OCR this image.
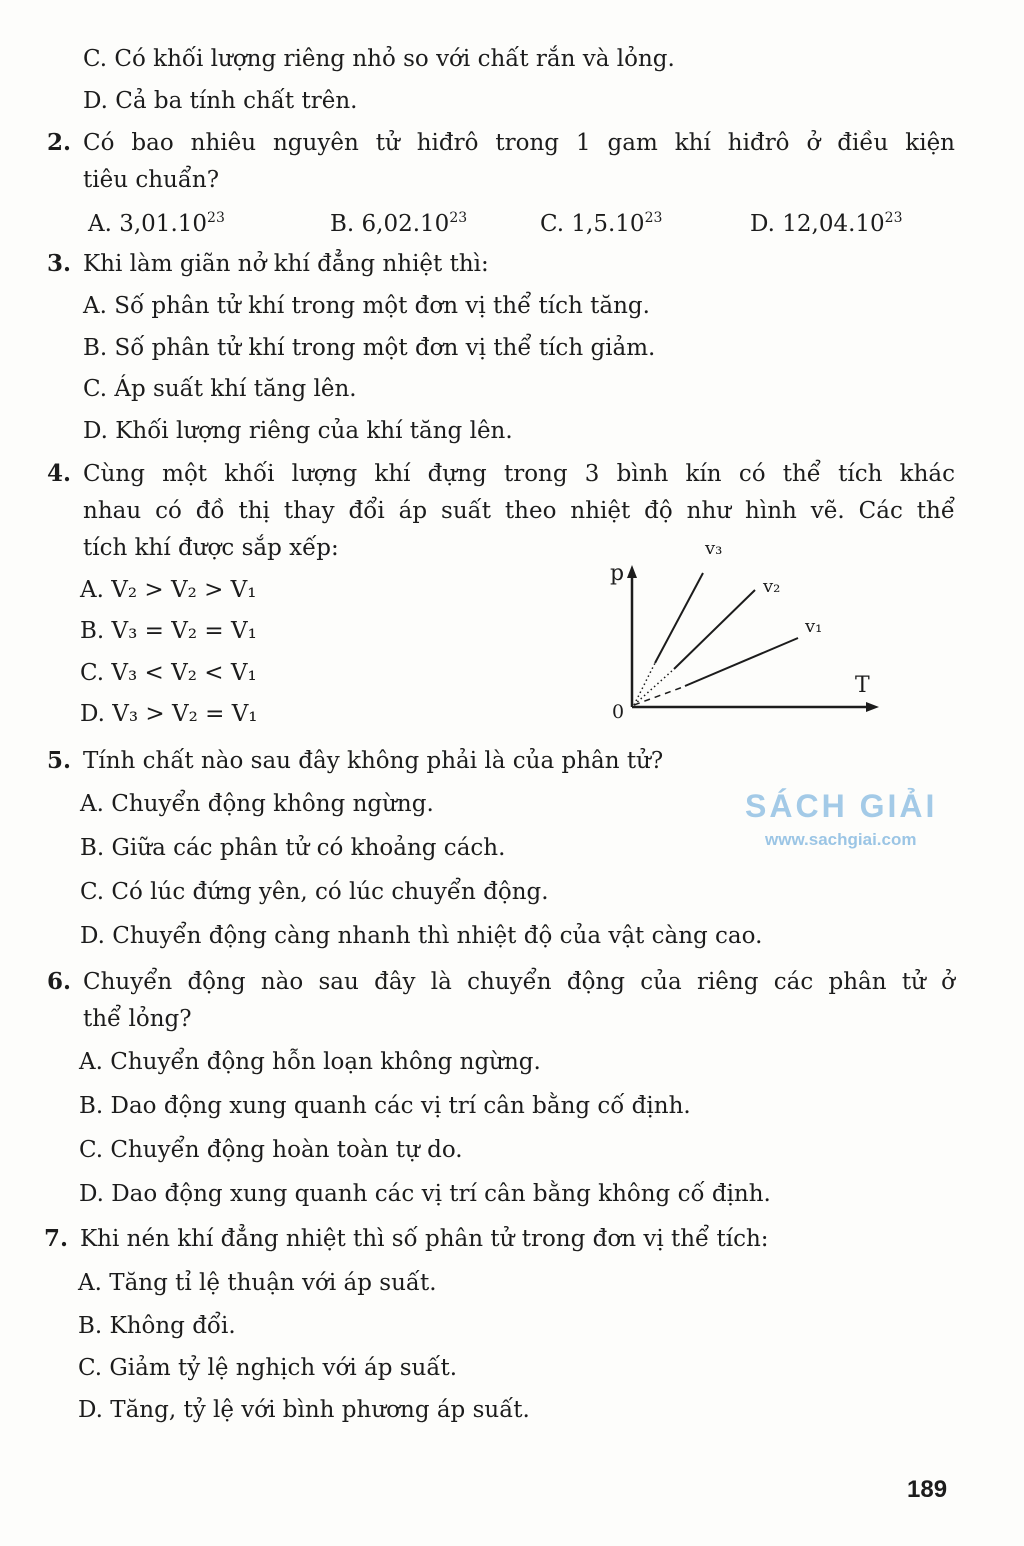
C. Có khối lượng riêng nhỏ so với chất rắn và lỏng.
D. Cả ba tính chất trên.
2. Có bao nhiêu nguyên tử hiđrô trong 1 gam khí hiđrô ở điều kiện
tiêu chuẩn?
A. 3,01.10$^{23}$	B. 6,02.10$^{23}$	C. 1,5.10$^{23}$	D. 12,04.10$^{23}$
3. Khi làm giãn nở khí đẳng nhiệt thì:
A. Số phân tử khí trong một đơn vị thể tích tăng.
B. Số phân tử khí trong một đơn vị thể tích giảm.
C. Áp suất khí tăng lên.
D. Khối lượng riêng của khí tăng lên.
4. Cùng một khối lượng khí đựng trong 3 bình kín có thể tích khác
nhau có đồ thị thay đổi áp suất theo nhiệt độ như hình vẽ. Các thể
tích khí được sắp xếp:
A. V₂ > V₂ > V₁
B. V₃ = V₂ = V₁
C. V₃ < V₂ < V₁
D. V₃ > V₂ = V₁
p
T
0
v₃
v₂
v₁
SÁCH GIẢI
www.sachgiai.com
5. Tính chất nào sau đây không phải là của phân tử?
A. Chuyển động không ngừng.
B. Giữa các phân tử có khoảng cách.
C. Có lúc đứng yên, có lúc chuyển động.
D. Chuyển động càng nhanh thì nhiệt độ của vật càng cao.
6. Chuyển động nào sau đây là chuyển động của riêng các phân tử ở
thể lỏng?
A. Chuyển động hỗn loạn không ngừng.
B. Dao động xung quanh các vị trí cân bằng cố định.
C. Chuyển động hoàn toàn tự do.
D. Dao động xung quanh các vị trí cân bằng không cố định.
7. Khi nén khí đẳng nhiệt thì số phân tử trong đơn vị thể tích:
A. Tăng tỉ lệ thuận với áp suất.
B. Không đổi.
C. Giảm tỷ lệ nghịch với áp suất.
D. Tăng, tỷ lệ với bình phương áp suất.
189
